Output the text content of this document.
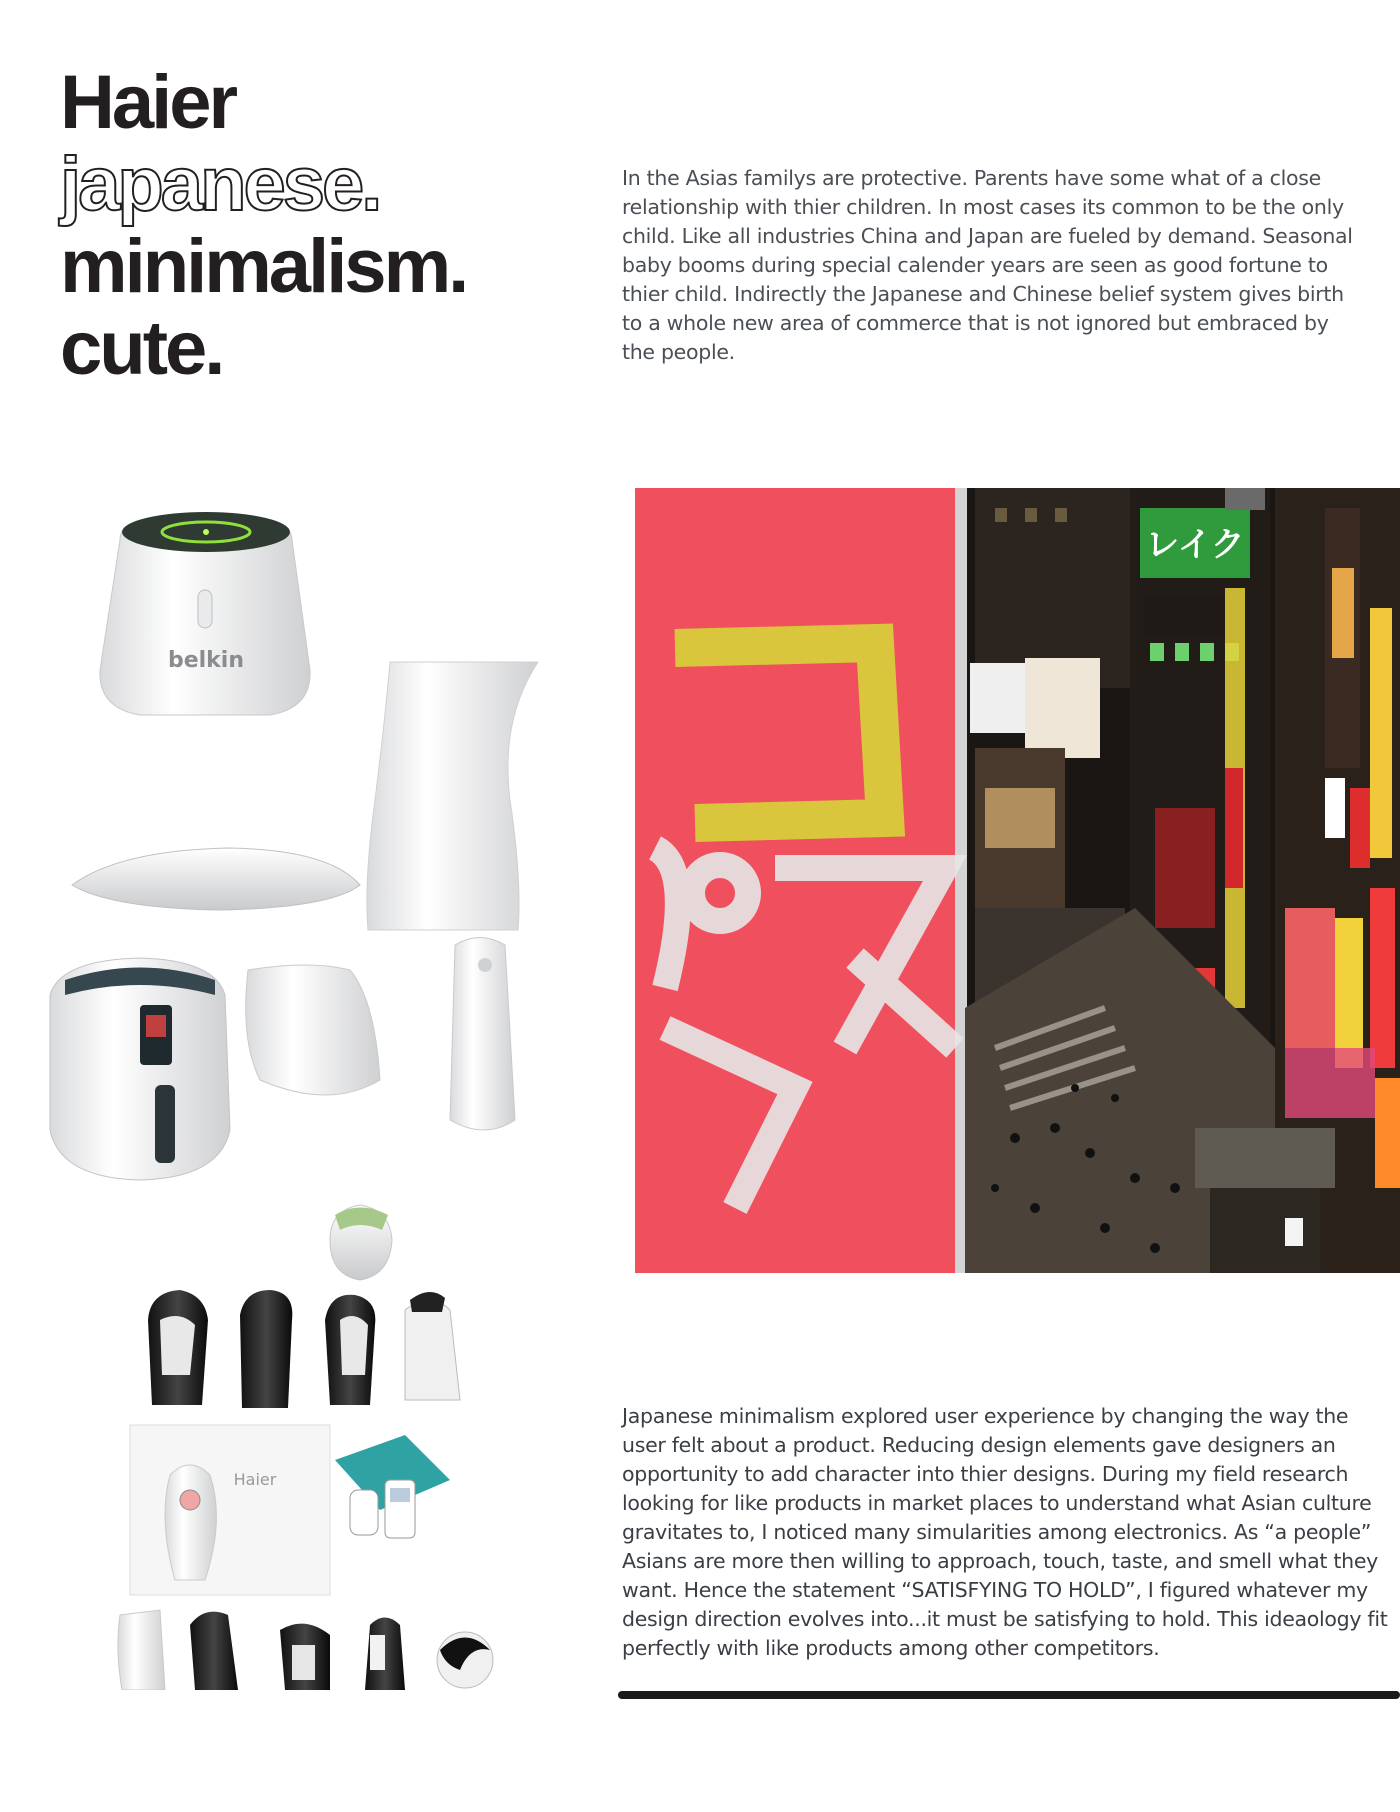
Haier
japanese.
minimalism.
cute.

In the Asias familys are protective. Parents have some what of a close relationship with thier children. In most cases its common to be the only child. Like all industries China and Japan are fueled by demand. Seasonal baby booms during special calender years are seen as good fortune to thier child. Indirectly the Japanese and Chinese belief system gives birth to a whole new area of commerce that is not ignored but embraced by the people.

belkin
Haier
コ
パス
レイク

Japanese minimalism explored user experience by changing the way the user felt about a product. Reducing design elements gave designers an opportunity to add character into thier designs. During my field research looking for like products in market places to understand what Asian culture gravitates to, I noticed many simularities among electronics. As “a people” Asians are more then willing to approach, touch, taste, and smell what they want. Hence the statement “SATISFYING TO HOLD”, I figured whatever my design direction evolves into...it must be satisfying to hold. This ideaology fit perfectly with like products among other competitors.
